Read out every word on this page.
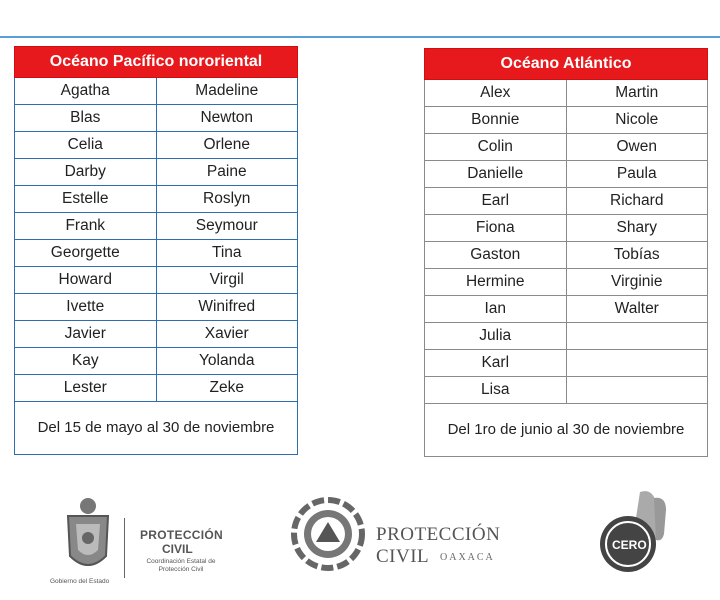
Océano Pacífico nororiental	
Agatha	Madeline
Blas	Newton
Celia	Orlene
Darby	Paine
Estelle	Roslyn
Frank	Seymour
Georgette	Tina
Howard	Virgil
Ivette	Winifred
Javier	Xavier
Kay	Yolanda
Lester	Zeke
Del 15 de mayo al 30 de noviembre	
Océano Atlántico	
Alex	Martin
Bonnie	Nicole
Colin	Owen
Danielle	Paula
Earl	Richard
Fiona	Shary
Gaston	Tobías
Hermine	Virginie
Ian	Walter
Julia	
Karl	
Lisa	
Del 1ro de junio al 30 de noviembre	
Gobierno del Estado
PROTECCIÓN
CIVIL
Coordinación Estatal de Protección Civil
PROTECCIÓN CIVIL	OAXACA
CERO
